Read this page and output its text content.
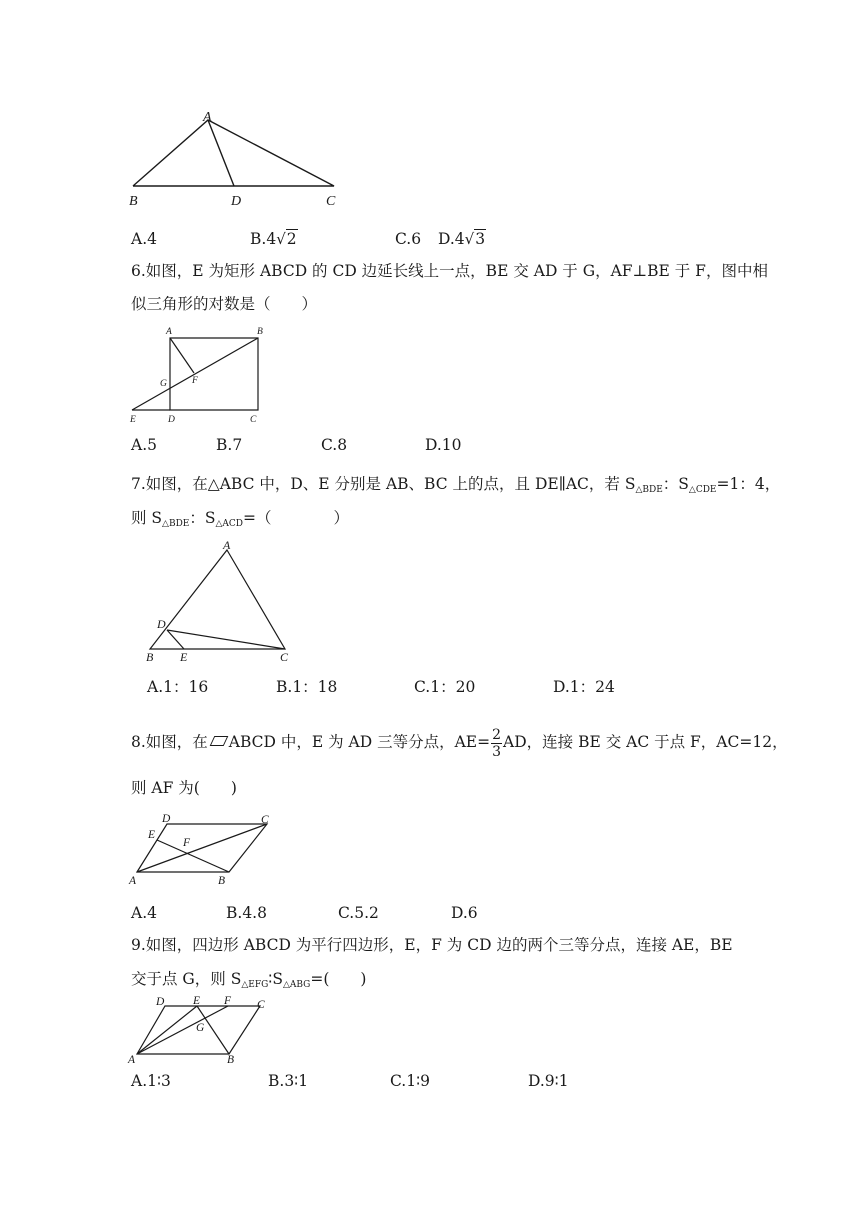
A
B	D	C
A.4	B.4√2	C.6 D.4√3
6.如图，E 为矩形 ABCD 的 CD 边延长线上一点，BE 交 AD 于 G，AF⊥BE 于 F，图中相
似三角形的对数是（　　）
A	B
G	F
E	D	C
A.5	B.7	C.8	D.10
7.如图，在△ABC 中，D、E 分别是 AB、BC 上的点，且 DE∥AC，若 $S_{\triangle BDE}$：$S_{\triangle CDE}=1$：4，
则 $S_{\triangle BDE}$：$S_{\triangle ACD}=$（　　　　）
A
D
B E	C
A.1：16	B.1：18	C.1：20	D.1：24
8.如图，在 ABCD 中，E 为 AD 三等分点，$AE= \frac{2}{3}$ AD，连接 BE 交 AC 于点 F，AC=12，
则 AF 为(　　)
D	C
E
F
A	B
A.4	B.4.8	C.5.2	D.6
9.如图，四边形 ABCD 为平行四边形，E，F 为 CD 边的两个三等分点，连接 AE，BE
交于点 G，则 $S_{\triangle EFG}∶S_{\triangle ABG}=$(　　)
D E F C
G
A	B
A.1∶3	B.3∶1	C.1∶9	D.9∶1
